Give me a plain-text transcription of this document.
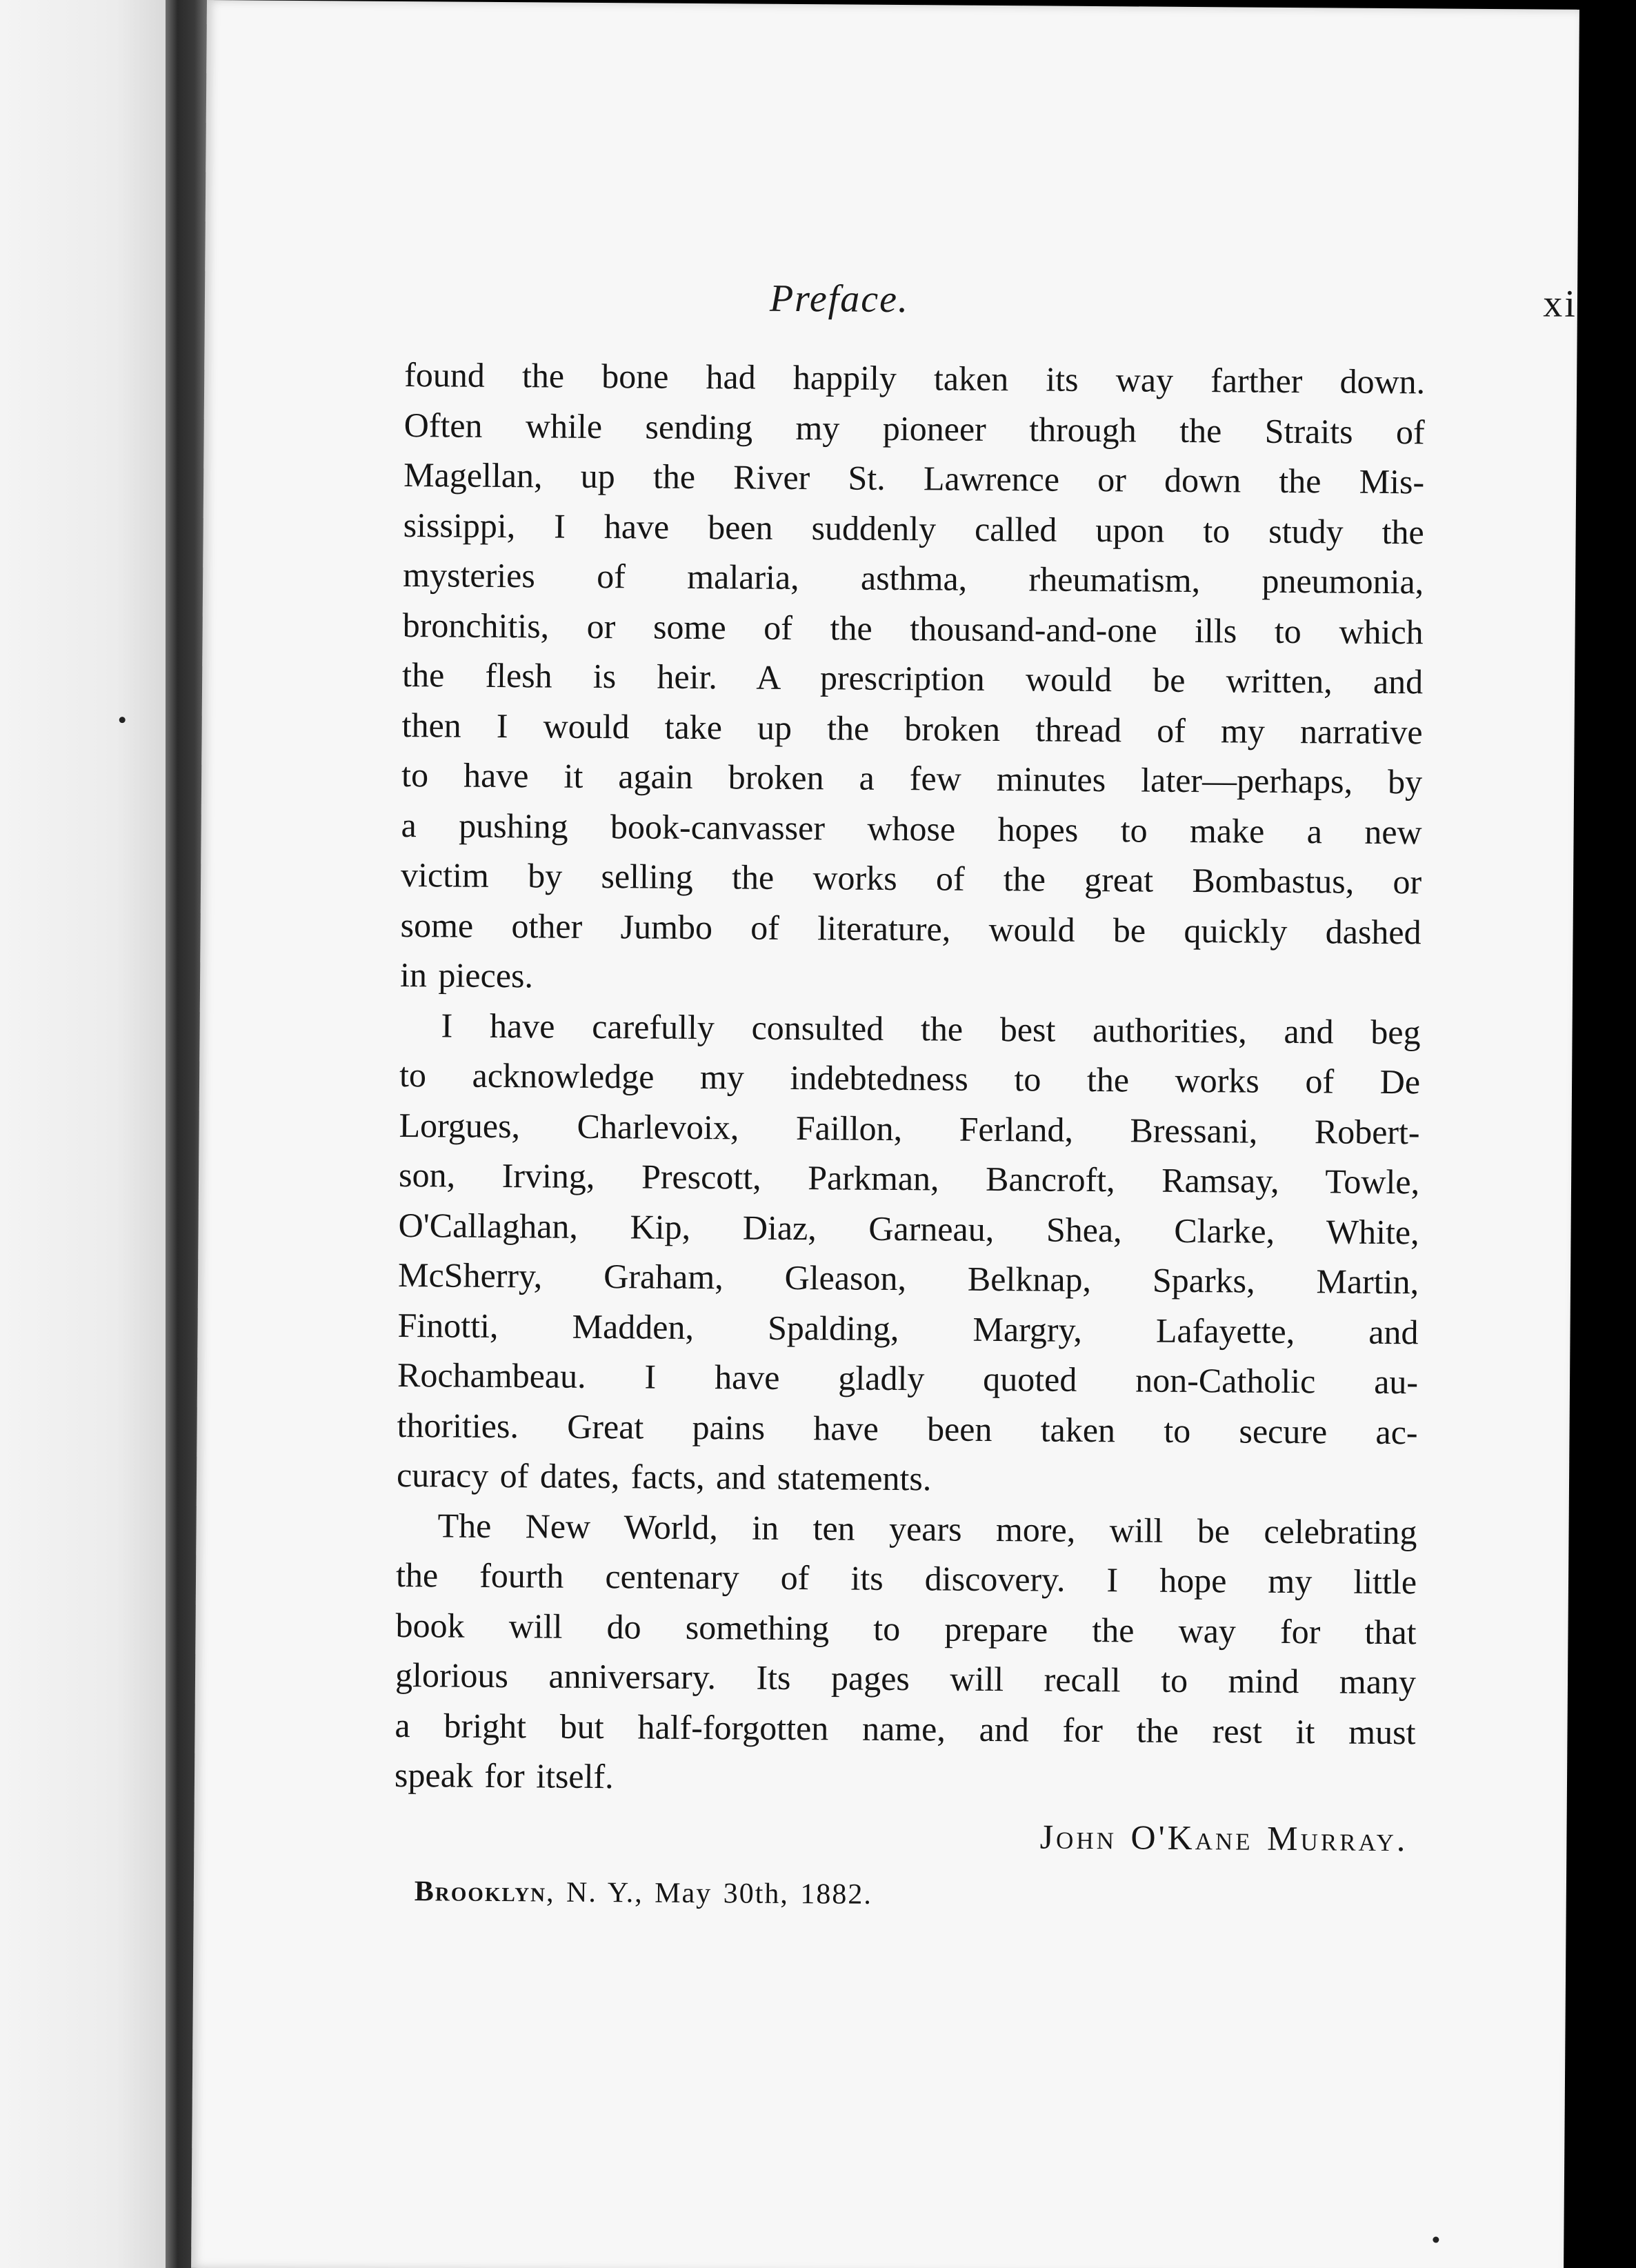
Preface.	xi

found the bone had happily taken its way farther down.
Often while sending my pioneer through the Straits of
Magellan, up the River St. Lawrence or down the Mis-
sissippi, I have been suddenly called upon to study the
mysteries of malaria, asthma, rheumatism, pneumonia,
bronchitis, or some of the thousand-and-one ills to which
the flesh is heir. A prescription would be written, and
then I would take up the broken thread of my narrative
to have it again broken a few minutes later—perhaps, by
a pushing book-canvasser whose hopes to make a new
victim by selling the works of the great Bombastus, or
some other Jumbo of literature, would be quickly dashed
in pieces.

I have carefully consulted the best authorities, and beg
to acknowledge my indebtedness to the works of De
Lorgues, Charlevoix, Faillon, Ferland, Bressani, Robert-
son, Irving, Prescott, Parkman, Bancroft, Ramsay, Towle,
O'Callaghan, Kip, Diaz, Garneau, Shea, Clarke, White,
McSherry, Graham, Gleason, Belknap, Sparks, Martin,
Finotti, Madden, Spalding, Margry, Lafayette, and
Rochambeau. I have gladly quoted non-Catholic au-
thorities. Great pains have been taken to secure ac-
curacy of dates, facts, and statements.

The New World, in ten years more, will be celebrating
the fourth centenary of its discovery. I hope my little
book will do something to prepare the way for that
glorious anniversary. Its pages will recall to mind many
a bright but half-forgotten name, and for the rest it must
speak for itself.

John O'Kane Murray.
Brooklyn, N. Y., May 30th, 1882.
